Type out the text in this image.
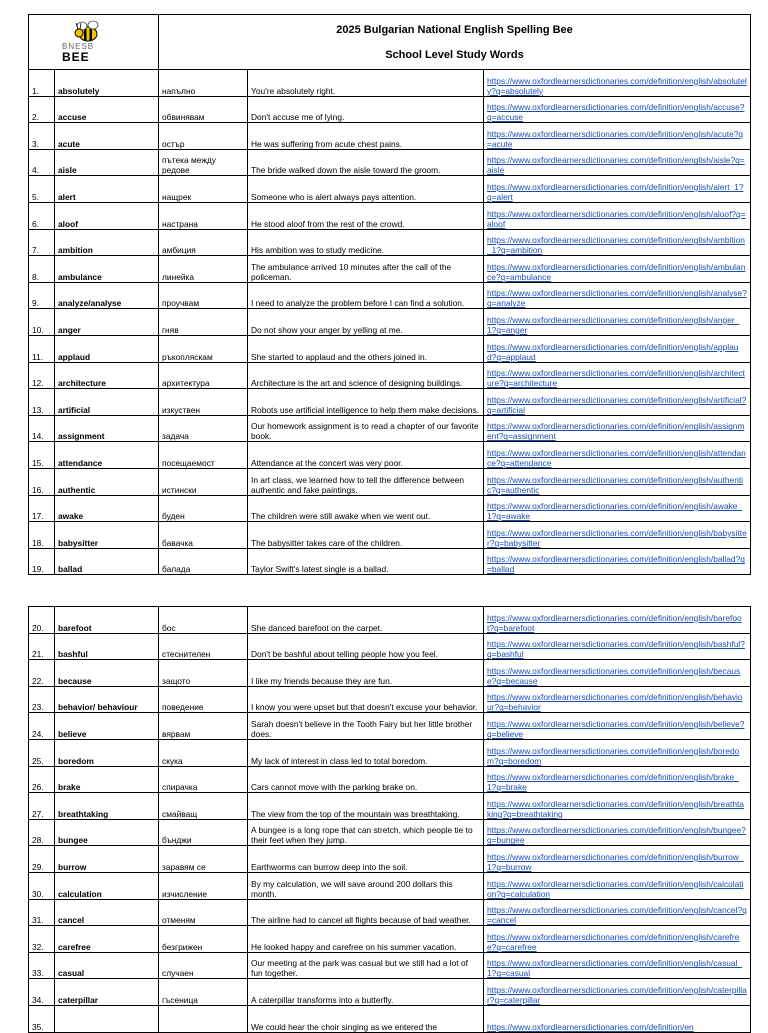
BNESB
BEE		2025 Bulgarian National English Spelling Bee
School Level Study Words		

1.	absolutely	напълно	You're absolutely right.	https://www.oxfordlearnersdictionaries.com/definition/english/absolutely?q=absolutely

2.	accuse	обвинявам	Don't accuse me of lying.	https://www.oxfordlearnersdictionaries.com/definition/english/accuse?q=accuse

3.	acute	остър	He was suffering from acute chest pains.	https://www.oxfordlearnersdictionaries.com/definition/english/acute?q=acute

4.	aisle	пътека между редове	The bride walked down the aisle toward the groom.	https://www.oxfordlearnersdictionaries.com/definition/english/aisle?q=aisle

5.	alert	нащрек	Someone who is alert always pays attention.	https://www.oxfordlearnersdictionaries.com/definition/english/alert_1?q=alert

6.	aloof	настрана	He stood aloof from the rest of the crowd.	https://www.oxfordlearnersdictionaries.com/definition/english/aloof?q=aloof

7.	ambition	амбиция	His ambition was to study medicine.	https://www.oxfordlearnersdictionaries.com/definition/english/ambition_1?q=ambition

8.	ambulance	линейка	The ambulance arrived 10 minutes after the call of the policeman.	https://www.oxfordlearnersdictionaries.com/definition/english/ambulance?q=ambulance

9.	analyze/analyse	проучвам	I need to analyze the problem before I can find a solution.	https://www.oxfordlearnersdictionaries.com/definition/english/analyse?q=analyze

10.	anger	гняв	Do not show your anger by yelling at me.	https://www.oxfordlearnersdictionaries.com/definition/english/anger_1?q=anger

11.	applaud	ръкопляскам	She started to applaud and the others joined in.	https://www.oxfordlearnersdictionaries.com/definition/english/applaud?q=applaud

12.	architecture	архитектура	Architecture is the art and science of designing buildings.	https://www.oxfordlearnersdictionaries.com/definition/english/architecture?q=architecture

13.	artificial	изкуствен	Robots use artificial intelligence to help them make decisions.	https://www.oxfordlearnersdictionaries.com/definition/english/artificial?q=artificial

14.	assignment	задача	Our homework assignment is to read a chapter of our favorite book.	https://www.oxfordlearnersdictionaries.com/definition/english/assignment?q=assignment

15.	attendance	посещаемост	Attendance at the concert was very poor.	https://www.oxfordlearnersdictionaries.com/definition/english/attendance?q=attendance

16.	authentic	истински	In art class, we learned how to tell the difference between authentic and fake paintings.	https://www.oxfordlearnersdictionaries.com/definition/english/authentic?q=authentic

17.	awake	буден	The children were still awake when we went out.	https://www.oxfordlearnersdictionaries.com/definition/english/awake_1?q=awake

18.	babysitter	бавачка	The babysitter takes care of the children.	https://www.oxfordlearnersdictionaries.com/definition/english/babysitter?q=babysitter

19.	ballad	балада	Taylor Swift's latest single is a ballad.	https://www.oxfordlearnersdictionaries.com/definition/english/ballad?q=ballad
20.	barefoot	бос	She danced barefoot on the carpet.	https://www.oxfordlearnersdictionaries.com/definition/english/barefoot?q=barefoot

21.	bashful	стеснителен	Don't be bashful about telling people how you feel.	https://www.oxfordlearnersdictionaries.com/definition/english/bashful?q=bashful

22.	because	защото	I like my friends because they are fun.	https://www.oxfordlearnersdictionaries.com/definition/english/because?q=because

23.	behavior/ behaviour	поведение	I know you were upset but that doesn't excuse your behavior.	https://www.oxfordlearnersdictionaries.com/definition/english/behaviour?q=behavior

24.	believe	вярвам	Sarah doesn't believe in the Tooth Fairy but her little brother does.	https://www.oxfordlearnersdictionaries.com/definition/english/believe?q=believe

25.	boredom	скука	My lack of interest in class led to total boredom.	https://www.oxfordlearnersdictionaries.com/definition/english/boredom?q=boredom

26.	brake	спирачка	Cars cannot move with the parking brake on.	https://www.oxfordlearnersdictionaries.com/definition/english/brake_1?q=brake

27.	breathtaking	смайващ	The view from the top of the mountain was breathtaking.	https://www.oxfordlearnersdictionaries.com/definition/english/breathtaking?q=breathtaking

28.	bungee	бънджи	A bungee is a long rope that can stretch, which people tie to their feet when they jump.	https://www.oxfordlearnersdictionaries.com/definition/english/bungee?q=bungee

29.	burrow	заравям се	Earthworms can burrow deep into the soil.	https://www.oxfordlearnersdictionaries.com/definition/english/burrow_1?q=burrow

30.	calculation	изчисление	By my calculation, we will save around 200 dollars this month.	https://www.oxfordlearnersdictionaries.com/definition/english/calculation?q=calculation

31.	cancel	отменям	The airline had to cancel all flights because of bad weather.	https://www.oxfordlearnersdictionaries.com/definition/english/cancel?q=cancel

32.	carefree	безгрижен	He looked happy and carefree on his summer vacation.	https://www.oxfordlearnersdictionaries.com/definition/english/carefree?q=carefree

33.	casual	случаен	Our meeting at the park was casual but we still had a lot of fun together.	https://www.oxfordlearnersdictionaries.com/definition/english/casual_1?q=casual

34.	caterpillar	гъсеница	A caterpillar transforms into a butterfly.	https://www.oxfordlearnersdictionaries.com/definition/english/caterpillar?q=caterpillar

35.			We could hear the choir singing as we entered the	https://www.oxfordlearnersdictionaries.com/definition/en
